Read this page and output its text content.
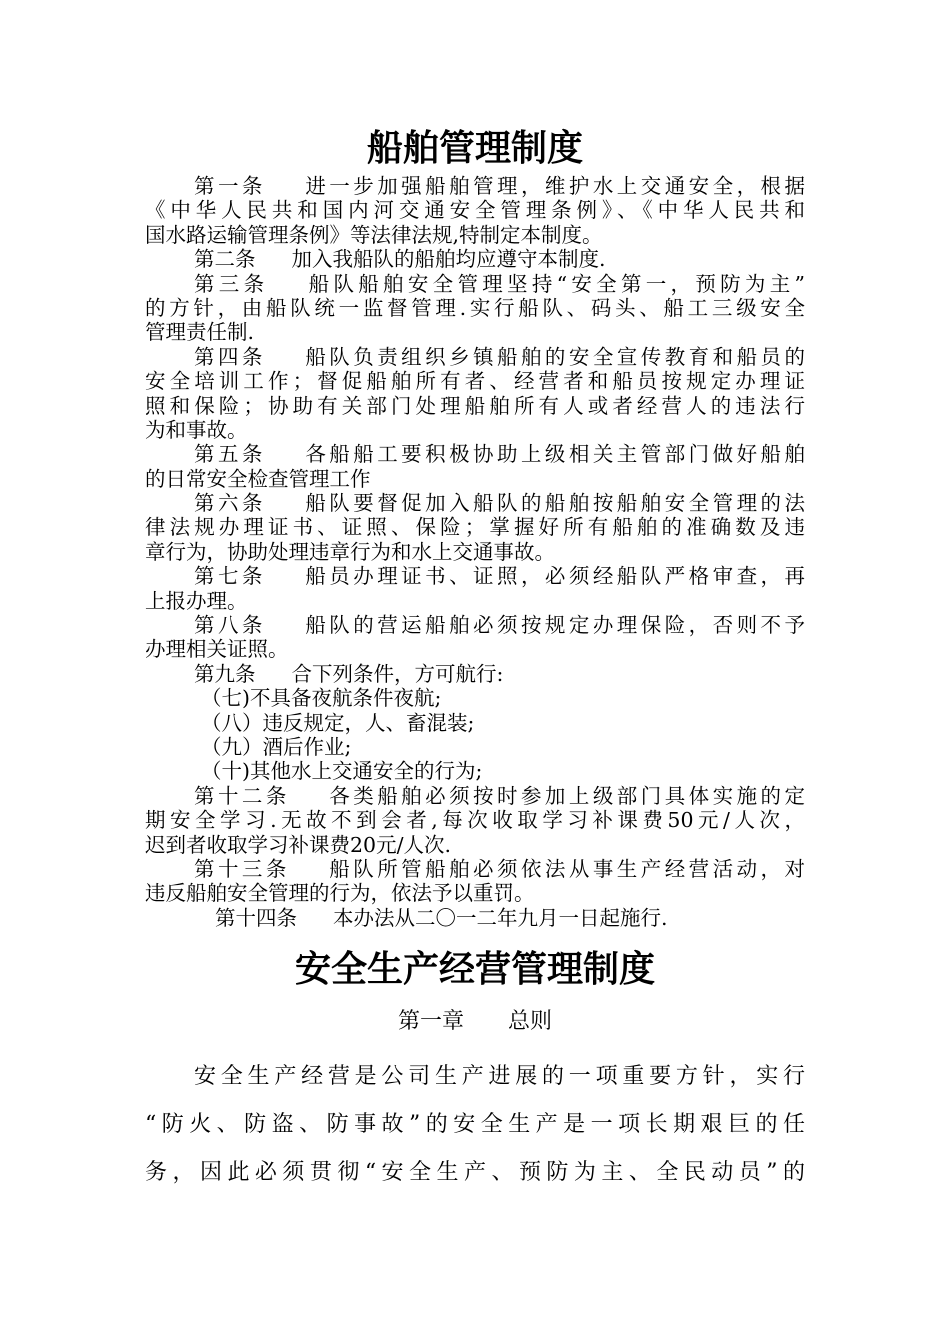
船舶管理制度
第一条 进一步加强船舶管理，维护水上交通安全，根据
《中华人民共和国内河交通安全管理条例》、《中华人民共和
国水路运输管理条例》等法律法规,特制定本制度。
第二条 加入我船队的船舶均应遵守本制度.
第三条 船队船舶安全管理坚持“安全第一，预防为主”
的方针，由船队统一监督管理.实行船队、码头、船工三级安全
管理责任制.
第四条 船队负责组织乡镇船舶的安全宣传教育和船员的
安全培训工作；督促船舶所有者、经营者和船员按规定办理证
照和保险；协助有关部门处理船舶所有人或者经营人的违法行
为和事故。
第五条 各船船工要积极协助上级相关主管部门做好船舶
的日常安全检查管理工作
第六条 船队要督促加入船队的船舶按船舶安全管理的法
律法规办理证书、证照、保险；掌握好所有船舶的准确数及违
章行为，协助处理违章行为和水上交通事故。
第七条 船员办理证书、证照，必须经船队严格审查，再
上报办理。
第八条 船队的营运船舶必须按规定办理保险，否则不予
办理相关证照。
第九条 合下列条件，方可航行:
（七)不具备夜航条件夜航;
（八）违反规定，人、畜混装;
（九）酒后作业;
（十)其他水上交通安全的行为;
第十二条 各类船舶必须按时参加上级部门具体实施的定
期安全学习.无故不到会者,每次收取学习补课费50元/人次，
迟到者收取学习补课费20元/人次.
第十三条 船队所管船舶必须依法从事生产经营活动，对
违反船舶安全管理的行为，依法予以重罚。
第十四条 本办法从二〇一二年九月一日起施行.
安全生产经营管理制度
第一章　　总则
安全生产经营是公司生产进展的一项重要方针，实行
“防火、防盗、防事故”的安全生产是一项长期艰巨的任
务，因此必须贯彻“安全生产、预防为主、全民动员”的
